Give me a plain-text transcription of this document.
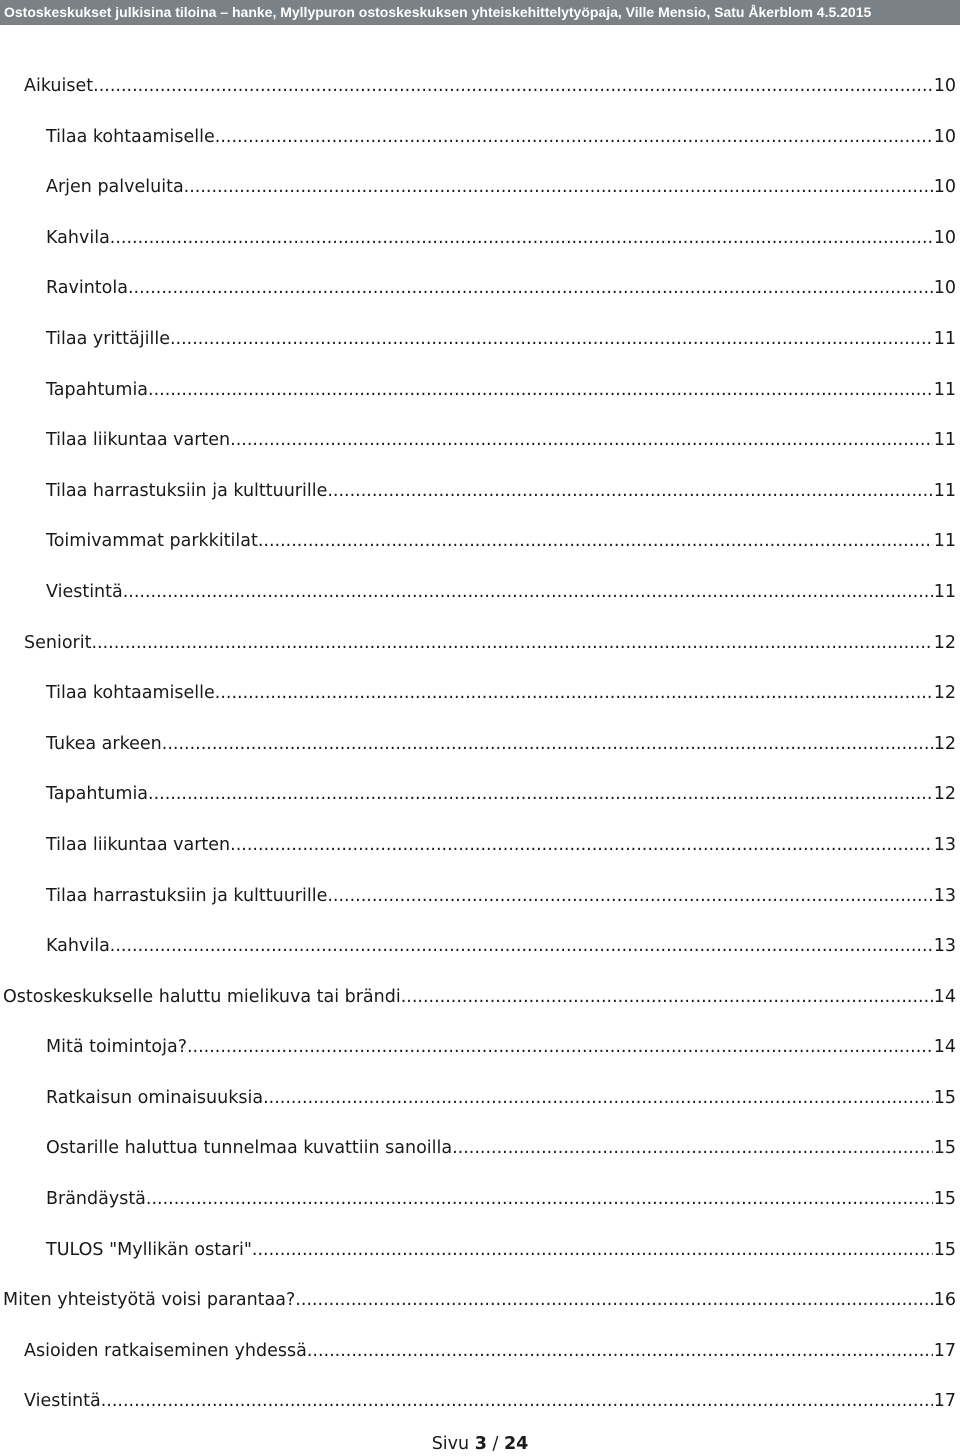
Ostoskeskukset julkisina tiloina – hanke, Myllypuron ostoskeskuksen yhteiskehittelytyöpaja, Ville Mensio, Satu Åkerblom 4.5.2015
Aikuiset .....	10
Tilaa kohtaamiselle .....	10
Arjen palveluita .....	10
Kahvila .....	10
Ravintola .....	10
Tilaa yrittäjille .....	11
Tapahtumia .....	11
Tilaa liikuntaa varten .....	11
Tilaa harrastuksiin ja kulttuurille .....	11
Toimivammat parkkitilat .....	11
Viestintä .....	11
Seniorit .....	12
Tilaa kohtaamiselle .....	12
Tukea arkeen .....	12
Tapahtumia .....	12
Tilaa liikuntaa varten .....	13
Tilaa harrastuksiin ja kulttuurille .....	13
Kahvila .....	13
Ostoskeskukselle haluttu mielikuva tai brändi .....	14
Mitä toimintoja? .....	14
Ratkaisun ominaisuuksia .....	15
Ostarille haluttua tunnelmaa kuvattiin sanoilla .....	15
Brändäystä .....	15
TULOS "Myllikän ostari" .....	15
Miten yhteistyötä voisi parantaa? .....	16
Asioiden ratkaiseminen yhdessä .....	17
Viestintä .....	17
Sivu 3 / 24
